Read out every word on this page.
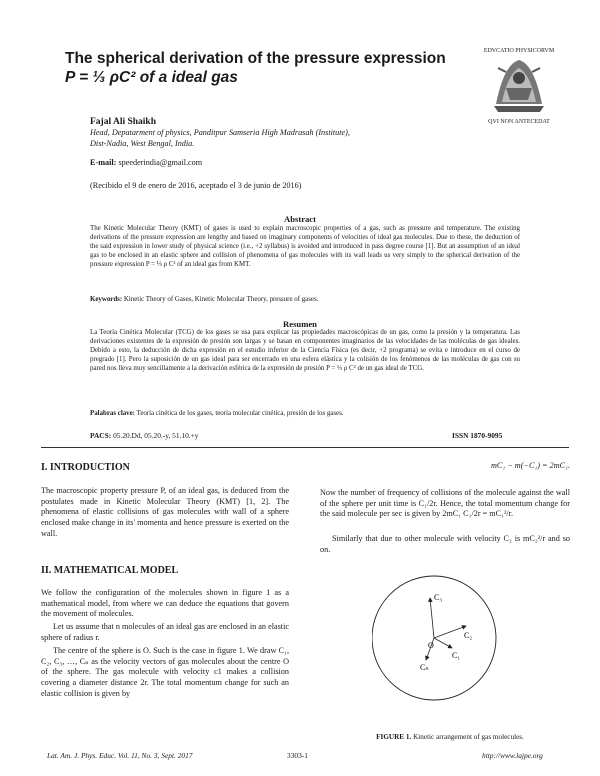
The spherical derivation of the pressure expression
P = ⅓ ρC² of a ideal gas
EDVCATIO PHYSICORVM
QVI NON ANTECEDAT
Fajal Ali Shaikh
Head, Depatarment of physics, Panditpur Samseria High Madrasah (Institute),
Dist-Nadia, West Bengal, India.
E-mail: speederindia@gmail.com
(Recibido el 9 de enero de 2016, aceptado el 3 de junio de 2016)
Abstract
The Kinetic Molecular Theory (KMT) of gases is used to explain macroscopic properties of a gas, such as pressure and temperature. The existing derivations of the pressure expression are lengthy and based on imaginary components of velocities of ideal gas molecules. Due to these, the deduction of the said expression in lower study of physical science (i.e., +2 syllabus) is avoided and introduced in pass degree course [1]. But an assumption of an ideal gas to be enclosed in an elastic sphere and collision of phenomena of gas molecules with its wall leads us very simply to the spherical derivation of the pressure expression P = ⅓ ρ C² of an ideal gas from KMT.
Keywords: Kinetic Theory of Gases, Kinetic Molecular Theory, pressure of gases.
Resumen
La Teoría Cinética Molecular (TCG) de los gases se usa para explicar las propiedades macroscópicas de un gas, como la presión y la temperatura. Las derivaciones existentes de la expresión de presión son largas y se basan en componentes imaginarios de las velocidades de las moléculas de gas ideales. Debido a esto, la deducción de dicha expresión en el estudio inferior de la Ciencia Física (es decir, +2 programa) se evita e introduce en el curso de pregrado [1]. Pero la suposición de un gas ideal para ser encerrado en una esfera elástica y la colisión de los fenómenos de las moléculas de gas con su pared nos lleva muy sencillamente a la derivación esférica de la expresión de presión P = ⅓ ρ C² de un gas ideal de TCG.
Palabras clave: Teoría cinética de los gases, teoría molecular cinética, presión de los gases.
PACS: 05.20.Dd, 05.20.-y, 51.10.+y	ISSN 1870-9095
I. INTRODUCTION
The macroscopic property pressure P, of an ideal gas, is deduced from the postulates made in Kinetic Molecular Theory (KMT) [1, 2]. The phenomena of elastic collisions of gas molecules with wall of a sphere enclosed make change in its' momenta and hence pressure is exerted on the wall.
II. MATHEMATICAL MODEL
We follow the configuration of the molecules shown in figure 1 as a mathematical model, from where we can deduce the equations that govern the movement of molecules.
Let us assume that n molecules of an ideal gas are enclosed in an elastic sphere of radius r.
The centre of the sphere is O. Such is the case in figure 1. We draw C₁, C₂, C₃, …, Cₙ as the velocity vectors of gas molecules about the centre O of the sphere. The gas molecule with velocity c1 makes a collision covering a diameter distance 2r. The total momentum change for such an elastic collision is given by
mC₁ − m(−C₁) = 2mC₁.
Now the number of frequency of collisions of the molecule against the wall of the sphere per unit time is C₁/2r. Hence, the total momentum change for the said molecule per sec is given by 2mC₁ C₁/2r = mC₁²/r.
Similarly that due to other molecule with velocity C₂ is mC₂²/r and so on.
C₃
C₂
C₁
Cₙ
O
FIGURE 1. Kinetic arrangement of gas molecules.
Lat. Am. J. Phys. Educ. Vol. 11, No. 3, Sept. 2017	3303-1	http://www.lajpe.org
